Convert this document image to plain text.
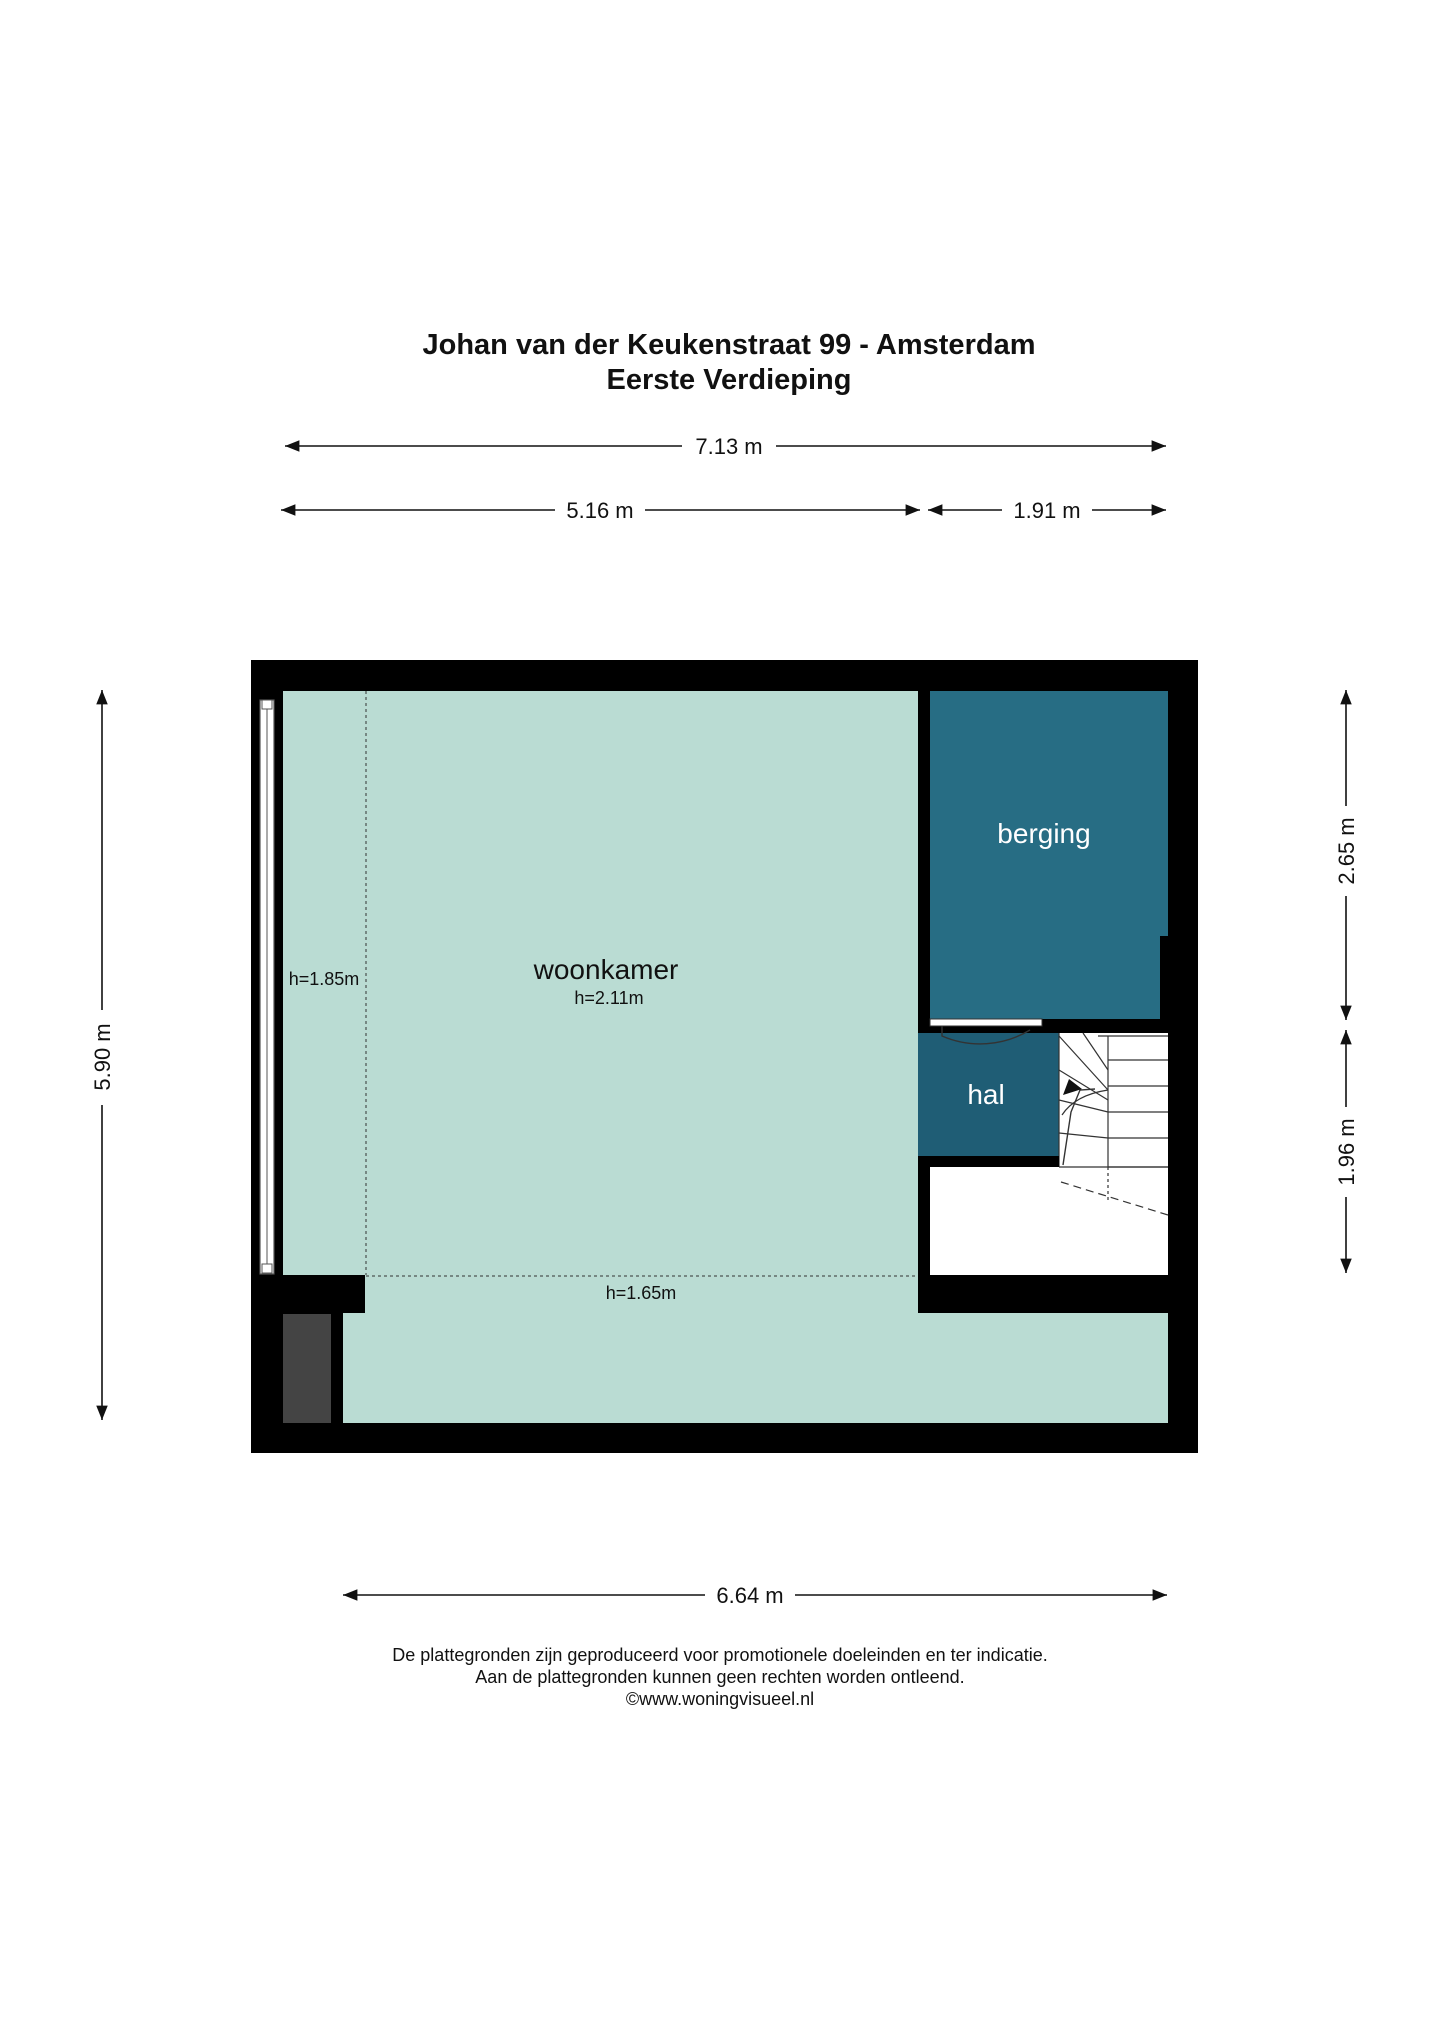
Johan van der Keukenstraat 99 - Amsterdam
Eerste Verdieping
7.13 m
5.16 m	1.91 m
5.90 m
2.65 m
1.96 m
woonkamer
h=2.11m
h=1.85m
h=1.65m
berging
hal
6.64 m
De plattegronden zijn geproduceerd voor promotionele doeleinden en ter indicatie.
Aan de plattegronden kunnen geen rechten worden ontleend.
©www.woningvisueel.nl
